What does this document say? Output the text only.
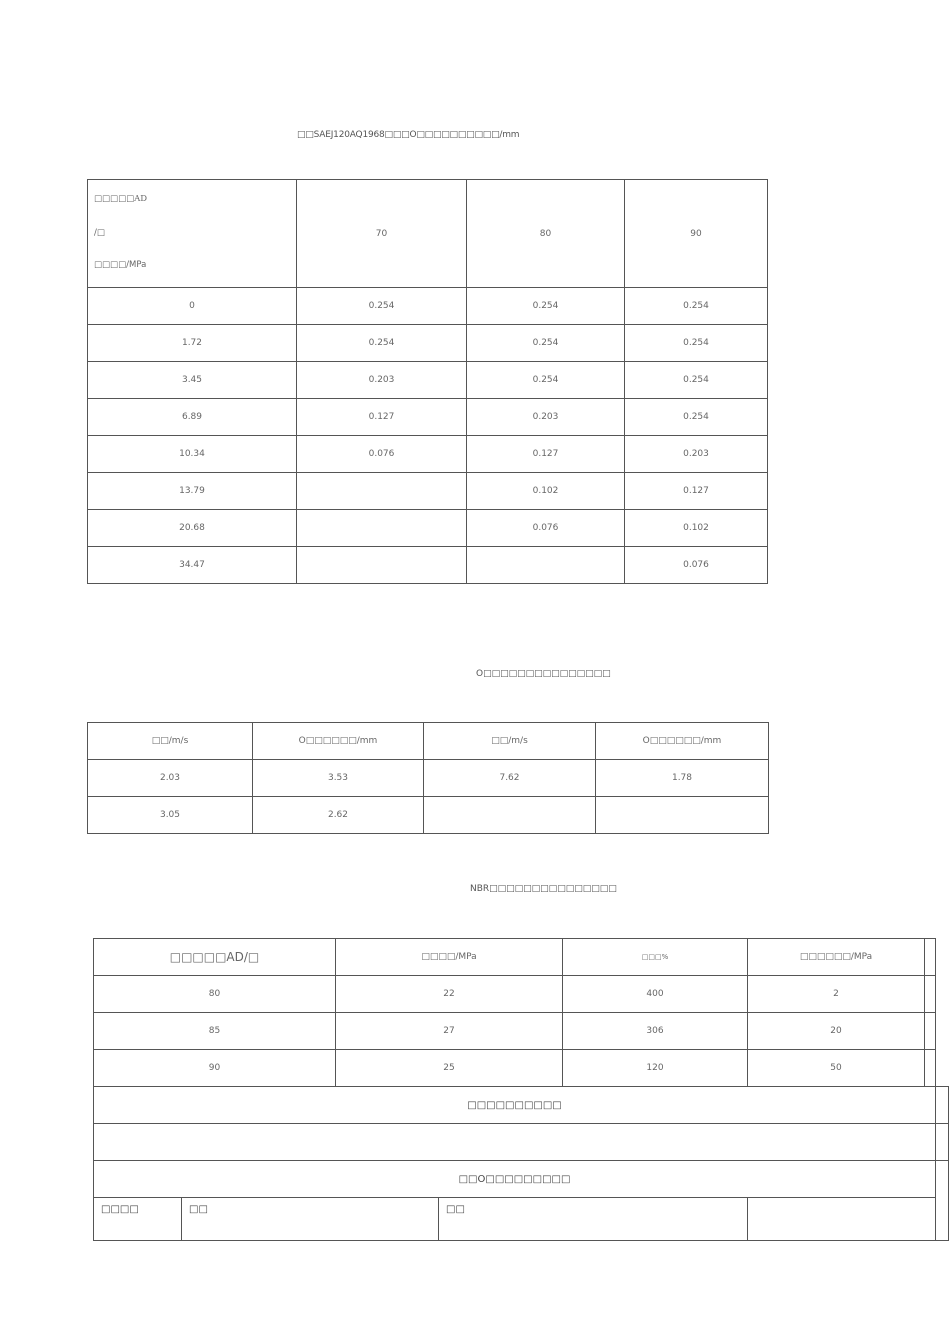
□□SAEJ120AQ1968□□□O□□□□□□□□□□/mm
□□□□□AD
/□
□□□□/MPa	70	80	90
0	0.254	0.254	0.254
1.72	0.254	0.254	0.254
3.45	0.203	0.254	0.254
6.89	0.127	0.203	0.254
10.34	0.076	0.127	0.203
13.79		0.102	0.127
20.68		0.076	0.102
34.47			0.076
O□□□□□□□□□□□□□□□
□□/m/s	O□□□□□□/mm	□□/m/s	O□□□□□□/mm
2.03	3.53	7.62	1.78
3.05	2.62		
NBR□□□□□□□□□□□□□□□
□□□□□AD/□		□□□□/MPa		□□□%	□□□□□□/MPa		
80		22		400	2		
85		27		306	20		
90		25		120	50		
□□□□□□□□□□							

□□O□□□□□□□□□							
□□□□	□□		□□				
